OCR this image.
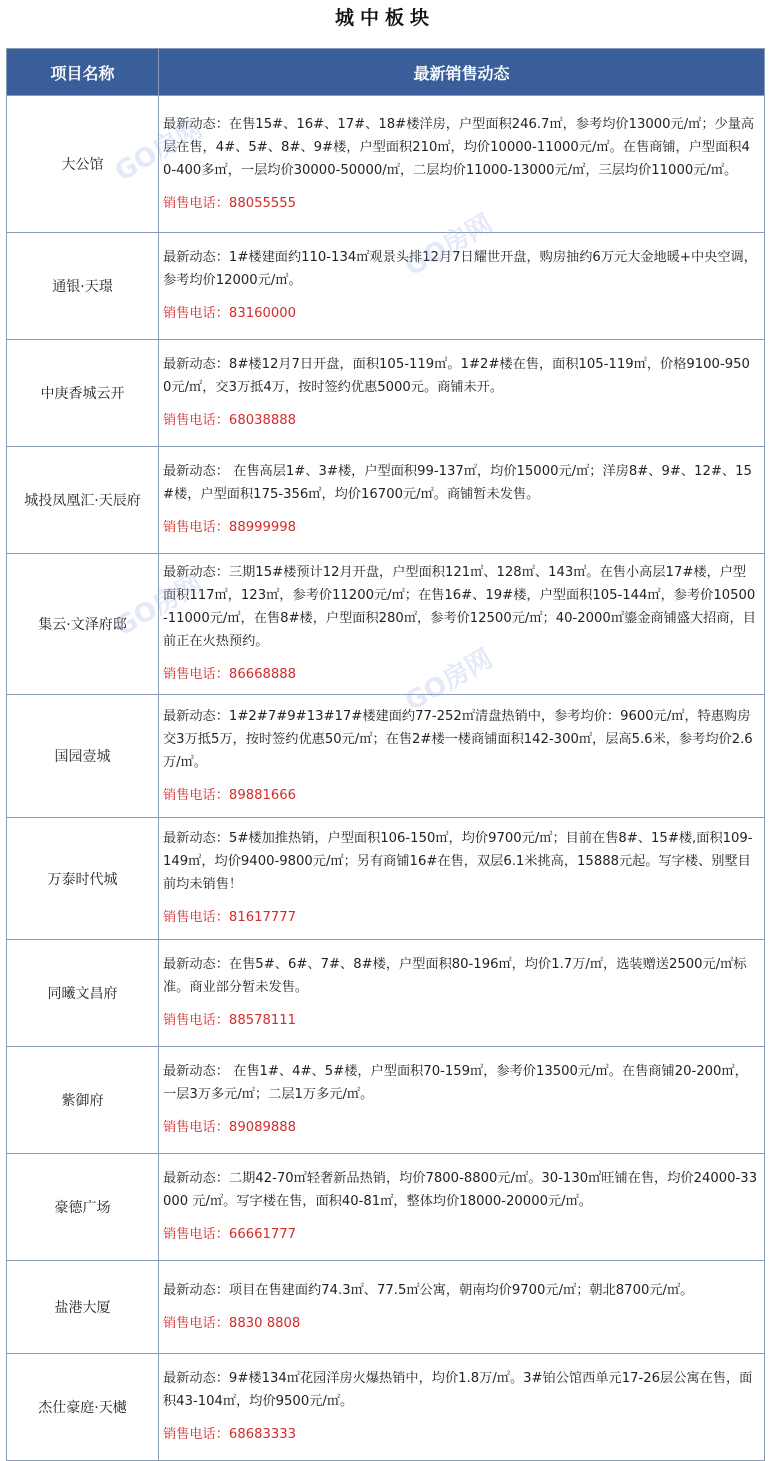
城中板块
项目名称	最新销售动态
大公馆	最新动态：在售15#、16#、17#、18#楼洋房，户型面积246.7㎡，参考均价13000元/㎡；少量高层在售，4#、5#、8#、9#楼，户型面积210㎡，均价10000-11000元/㎡。在售商铺，户型面积40-400多㎡，一层均价30000-50000/㎡，二层均价11000-13000元/㎡，三层均价11000元/㎡。
销售电话：88055555

通银·天璟	最新动态：1#楼建面约110-134㎡观景头排12月7日耀世开盘，购房抽约6万元大金地暖+中央空调，参考均价12000元/㎡。
销售电话：83160000

中庚香城云开	最新动态：8#楼12月7日开盘，面积105-119㎡。1#2#楼在售，面积105-119㎡，价格9100-9500元/㎡，交3万抵4万，按时签约优惠5000元。商铺未开。
销售电话：68038888

城投凤凰汇·天辰府	最新动态： 在售高层1#、3#楼，户型面积99-137㎡，均价15000元/㎡；洋房8#、9#、12#、15#楼，户型面积175-356㎡，均价16700元/㎡。商铺暂未发售。
销售电话：88999998

集云·文泽府邸	最新动态：三期15#楼预计12月开盘，户型面积121㎡、128㎡、143㎡。在售小高层17#楼，户型面积117㎡，123㎡，参考价11200元/㎡；在售16#、19#楼，户型面积105-144㎡，参考价10500-11000元/㎡，在售8#楼，户型面积280㎡，参考价12500元/㎡；40-2000㎡鎏金商铺盛大招商，目前正在火热预约。
销售电话：86668888

国园壹城	最新动态：1#2#7#9#13#17#楼建面约77-252㎡清盘热销中，参考均价：9600元/㎡，特惠购房交3万抵5万，按时签约优惠50元/㎡；在售2#楼一楼商铺面积142-300㎡，层高5.6米，参考均价2.6万/㎡。
销售电话：89881666

万泰时代城	最新动态：5#楼加推热销，户型面积106-150㎡，均价9700元/㎡；目前在售8#、15#楼,面积109-149㎡，均价9400-9800元/㎡；另有商铺16#在售，双层6.1米挑高，15888元起。写字楼、别墅目前均未销售！
销售电话：81617777

同曦文昌府	最新动态：在售5#、6#、7#、8#楼，户型面积80-196㎡，均价1.7万/㎡，选装赠送2500元/㎡标准。商业部分暂未发售。
销售电话：88578111

紫御府	最新动态： 在售1#、4#、5#楼，户型面积70-159㎡，参考价13500元/㎡。在售商铺20-200㎡，一层3万多元/㎡；二层1万多元/㎡。
销售电话：89089888

豪德广场	最新动态：二期42-70㎡轻奢新品热销，均价7800-8800元/㎡。30-130㎡旺铺在售，均价24000-33000 元/㎡。写字楼在售，面积40-81㎡，整体均价18000-20000元/㎡。
销售电话：66661777

盐港大厦	最新动态：项目在售建面约74.3㎡、77.5㎡公寓，朝南均价9700元/㎡；朝北8700元/㎡。
销售电话：8830 8808

杰仕豪庭·天樾	最新动态：9#楼134㎡花园洋房火爆热销中，均价1.8万/㎡。3#铂公馆西单元17-26层公寓在售，面积43-104㎡，均价9500元/㎡。
销售电话：68683333
GO房网
GO房网
GO房网
GO房网
